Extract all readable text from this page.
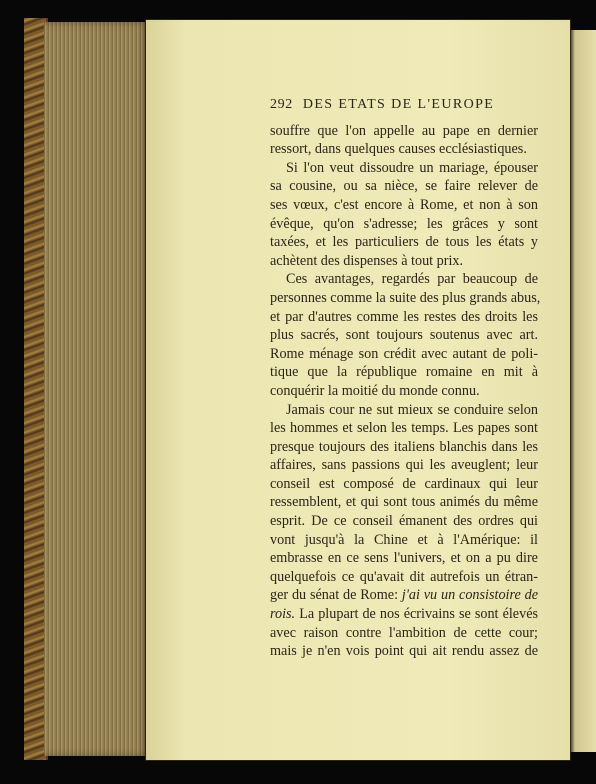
292 DES ETATS DE L'EUROPE
souffre que l'on appelle au pape en dernier
ressort, dans quelques causes ecclésiastiques.
Si l'on veut dissoudre un mariage, épouser
sa cousine, ou sa nièce, se faire relever de
ses vœux, c'est encore à Rome, et non à son
évêque, qu'on s'adresse; les grâces y sont
taxées, et les particuliers de tous les états y
achètent des dispenses à tout prix.
Ces avantages, regardés par beaucoup de
personnes comme la suite des plus grands abus,
et par d'autres comme les restes des droits les
plus sacrés, sont toujours soutenus avec art.
Rome ménage son crédit avec autant de poli-
tique que la république romaine en mit à
conquérir la moitié du monde connu.
Jamais cour ne sut mieux se conduire selon
les hommes et selon les temps. Les papes sont
presque toujours des italiens blanchis dans les
affaires, sans passions qui les aveuglent; leur
conseil est composé de cardinaux qui leur
ressemblent, et qui sont tous animés du même
esprit. De ce conseil émanent des ordres qui
vont jusqu'à la Chine et à l'Amérique: il
embrasse en ce sens l'univers, et on a pu dire
quelquefois ce qu'avait dit autrefois un étran-
ger du sénat de Rome: j'ai vu un consistoire de
rois. La plupart de nos écrivains se sont élevés
avec raison contre l'ambition de cette cour;
mais je n'en vois point qui ait rendu assez de
